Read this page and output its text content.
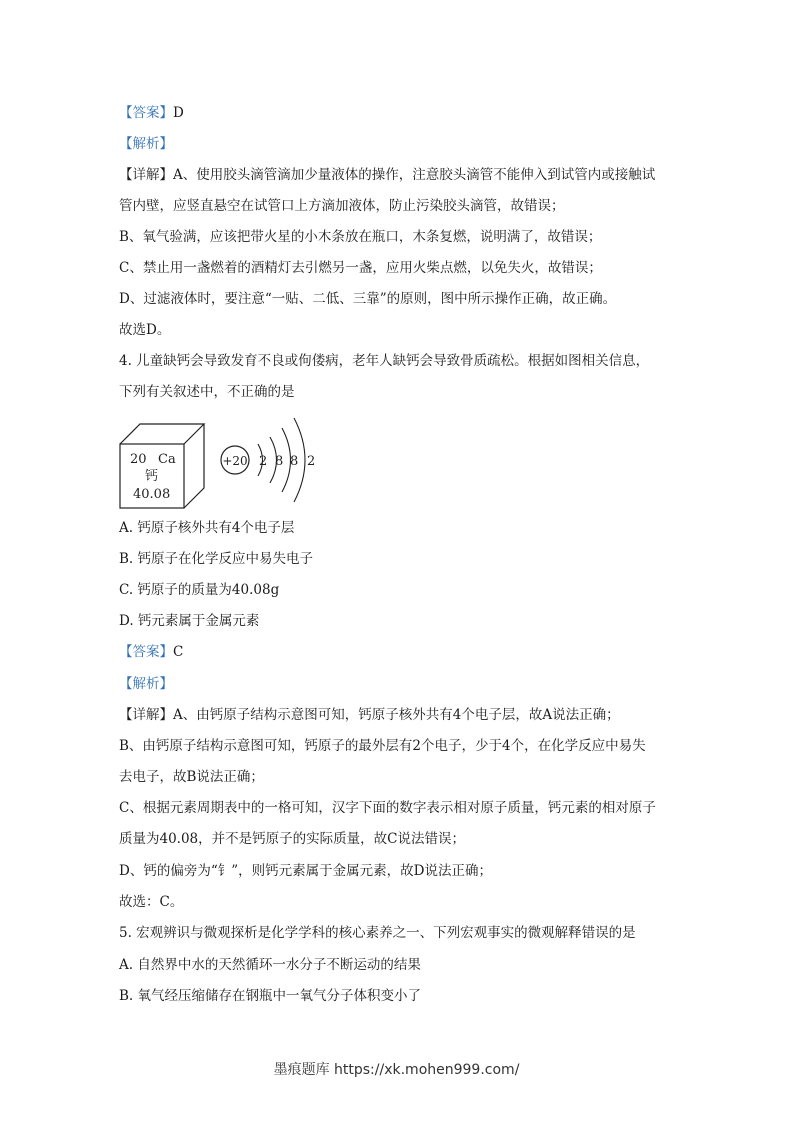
【答案】D
【解析】
【详解】A、使用胶头滴管滴加少量液体的操作，注意胶头滴管不能伸入到试管内或接触试
管内壁，应竖直悬空在试管口上方滴加液体，防止污染胶头滴管，故错误；
B、氧气验满，应该把带火星的小木条放在瓶口，木条复燃，说明满了，故错误；
C、禁止用一盏燃着的酒精灯去引燃另一盏，应用火柴点燃，以免失火，故错误；
D、过滤液体时，要注意“一贴、二低、三靠”的原则，图中所示操作正确，故正确。
故选D。
4. 儿童缺钙会导致发育不良或佝偻病，老年人缺钙会导致骨质疏松。根据如图相关信息，
下列有关叙述中，不正确的是
20 Ca
钙
40.08
+20 2 8 8 2
A. 钙原子核外共有4个电子层
B. 钙原子在化学反应中易失电子
C. 钙原子的质量为40.08g
D. 钙元素属于金属元素
【答案】C
【解析】
【详解】A、由钙原子结构示意图可知，钙原子核外共有4个电子层，故A说法正确；
B、由钙原子结构示意图可知，钙原子的最外层有2个电子，少于4个，在化学反应中易失
去电子，故B说法正确；
C、根据元素周期表中的一格可知，汉字下面的数字表示相对原子质量，钙元素的相对原子
质量为40.08，并不是钙原子的实际质量，故C说法错误；
D、钙的偏旁为“钅”，则钙元素属于金属元素，故D说法正确；
故选：C。
5. 宏观辨识与微观探析是化学学科的核心素养之一、下列宏观事实的微观解释错误的是
A. 自然界中水的天然循环一水分子不断运动的结果
B. 氧气经压缩储存在钢瓶中一氧气分子体积变小了
墨痕题库 https://xk.mohen999.com/
